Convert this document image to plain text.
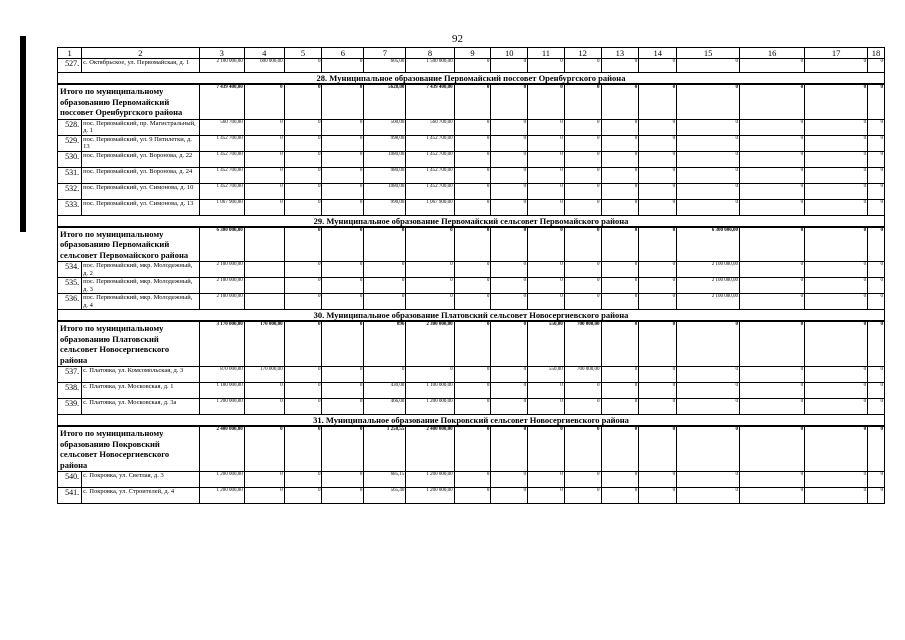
92
1	2	3	4	5	6	7	8	9	10	11	12	13	14	15	16	17	18
527.	с. Октябрьское, ул. Первомайская, д. 1	2 100 000,00	600 000,00	0	0	605,00	1 500 000,00	0	0	0	0	0	0	0	0	0	0
28. Муниципальное образование Первомайский поссовет Оренбургского района																	
Итого по муниципальному образованию Первомайский поссовет Оренбургского района		7 439 400,00	0	0	0	5628,00	7 439 400,00	0	0	0	0	0	0	0	0	0	0
528.	пос. Первомайский, пр. Магистральный, д. 1	560 700,00	0	0	0	500,00	560 700,00	0	0	0	0	0	0	0	0	0	0
529.	пос. Первомайский, ул. 9 Пятилетки, д. 13	1 452 700,00	0	0	0	998,00	1 452 700,00	0	0	0	0	0	0	0	0	0	0
530.	пос. Первомайский, ул. Воронова, д. 22	1 452 700,00	0	0	0	1080,00	1 452 700,00	0	0	0	0	0	0	0	0	0	0
531.	пос. Первомайский, ул. Воронова, д. 24	1 452 700,00	0	0	0	980,00	1 452 700,00	0	0	0	0	0	0	0	0	0	0
532.	пос. Первомайский, ул. Симонова, д. 10	1 452 700,00	0	0	0	1080,00	1 452 700,00	0	0	0	0	0	0	0	0	0	0
533.	пос. Первомайский, ул. Симонова, д. 13	1 067 900,00	0	0	0	990,00	1 067 900,00	0	0	0	0	0	0	0	0	0	0
29. Муниципальное образование Первомайский сельсовет Первомайского района																	
Итого по муниципальному образованию Первомайский сельсовет Первомайского района		6 300 000,00		0	0	0	0	0	0	0	0	0	0	6 300 000,00	0	0	0
534.	пос. Первомайский, мкр. Молодежный, д. 2	2 100 000,00		0	0	0	0	0	0	0	0	0	0	2 100 000,00	0	0	0
535.	пос. Первомайский, мкр. Молодежный, д. 3	2 100 000,00		0	0	0	0	0	0	0	0	0	0	2 100 000,00	0	0	0
536.	пос. Первомайский, мкр. Молодежный, д. 4	2 100 000,00		0	0	0	0	0	0	0	0	0	0	2 100 000,00	0	0	0
30. Муниципальное образование Платовский сельсовет Новосергиевского района																	
Итого по муниципальному образованию Платовский сельсовет Новосергиевского района		3 170 000,00	170 000,00	0	0	896	2 300 000,00	0	0	550,00	700 000,00	0	0	0	0	0	0
537.	с. Платовка, ул. Комсомольская, д. 3	870 000,00	170 000,00	0	0	0	0	0	0	550,00	700 000,00	0	0	0	0	0	0
538.	с. Платовка, ул. Московская, д. 1	1 100 000,00	0	0	0	430,00	1 100 000,00	0	0	0	0	0	0	0	0	0	0
539.	с. Платовка, ул. Московская, д. 3а	1 200 000,00	0	0	0	466,00	1 200 000,00	0	0	0	0	0	0	0	0	0	0
31. Муниципальное образование Покровский сельсовет Новосергиевского района																	
Итого по муниципальному образованию Покровский сельсовет Новосергиевского района		2 400 000,00	0	0	0	1 250,55	2 400 000,00	0	0	0	0	0	0	0	0	0	0
540.	с. Покровка, ул. Светлая, д. 3	1 200 000,00	0	0	0	685,15	1 200 000,00	0	0	0	0	0	0	0	0	0	0
541.	с. Покровка, ул. Строителей, д. 4	1 200 000,00	0	0	0	565,40	1 200 000,00	0	0	0	0	0	0	0	0	0	0
